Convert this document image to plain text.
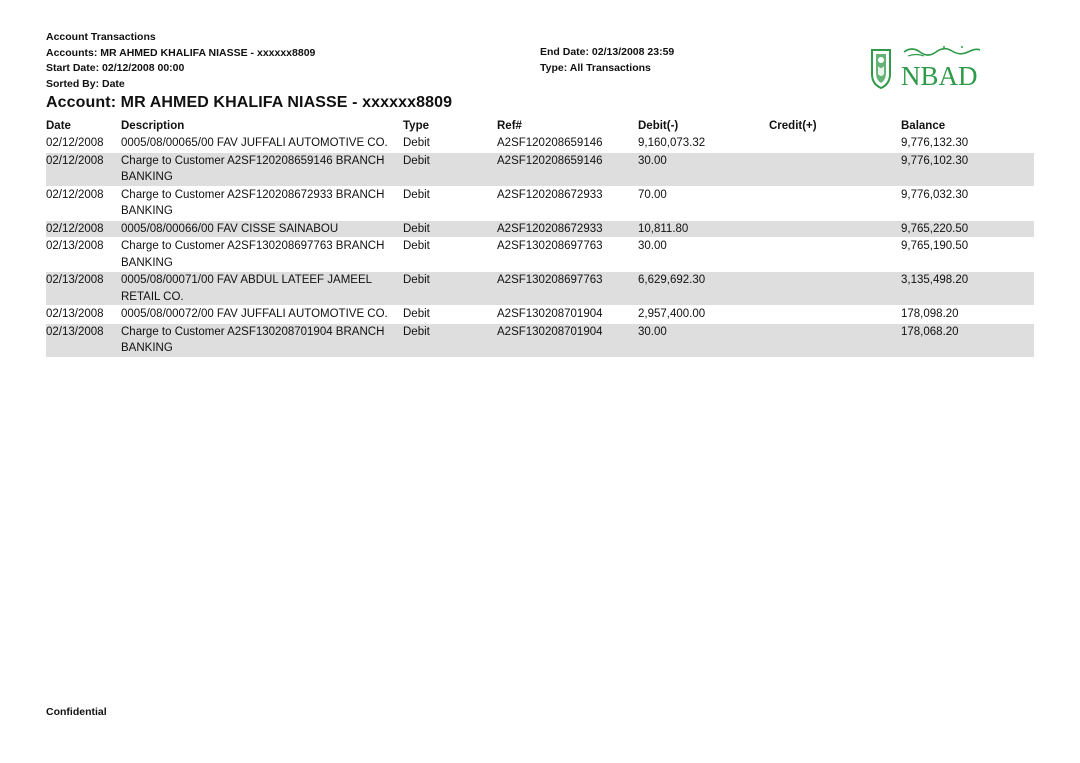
Account Transactions
Accounts: MR AHMED KHALIFA NIASSE - xxxxxx8809
Start Date: 02/12/2008 00:00
Sorted By: Date
End Date: 02/13/2008 23:59
Type: All Transactions	NBAD
Account: MR AHMED KHALIFA NIASSE - xxxxxx8809
Date	Description	Type	Ref#	Debit(-)	Credit(+)	Balance
02/12/2008	0005/08/00065/00 FAV JUFFALI AUTOMOTIVE CO.	Debit	A2SF120208659146	9,160,073.32		9,776,132.30
02/12/2008	Charge to Customer A2SF120208659146 BRANCH BANKING	Debit	A2SF120208659146	30.00		9,776,102.30
02/12/2008	Charge to Customer A2SF120208672933 BRANCH BANKING	Debit	A2SF120208672933	70.00		9,776,032.30
02/12/2008	0005/08/00066/00 FAV CISSE SAINABOU	Debit	A2SF120208672933	10,811.80		9,765,220.50
02/13/2008	Charge to Customer A2SF130208697763 BRANCH BANKING	Debit	A2SF130208697763	30.00		9,765,190.50
02/13/2008	0005/08/00071/00 FAV ABDUL LATEEF JAMEEL RETAIL CO.	Debit	A2SF130208697763	6,629,692.30		3,135,498.20
02/13/2008	0005/08/00072/00 FAV JUFFALI AUTOMOTIVE CO.	Debit	A2SF130208701904	2,957,400.00		178,098.20
02/13/2008	Charge to Customer A2SF130208701904 BRANCH BANKING	Debit	A2SF130208701904	30.00		178,068.20
Confidential
